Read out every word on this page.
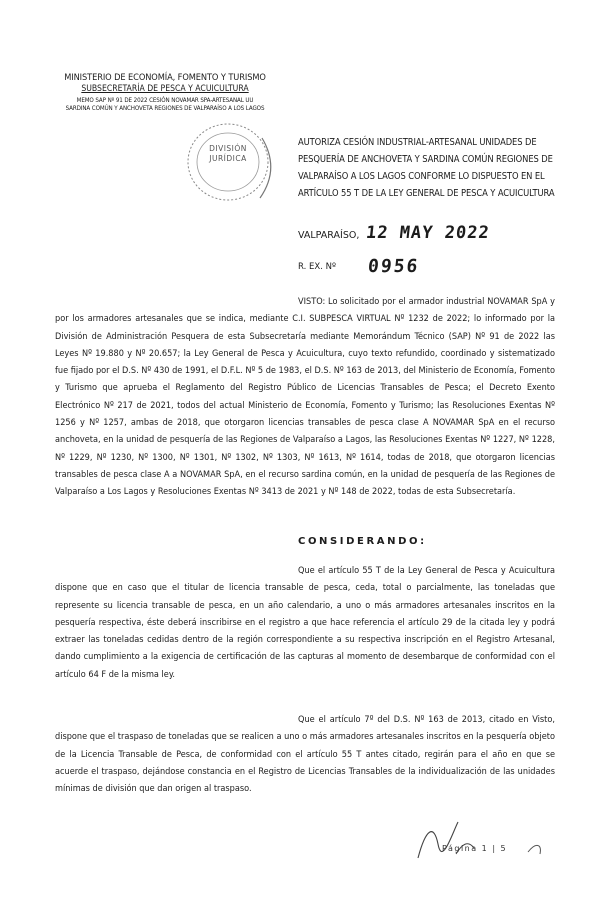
MINISTERIO DE ECONOMÍA, FOMENTO Y TURISMO
SUBSECRETARÍA DE PESCA Y ACUICULTURA
MEMO SAP Nº 91 DE 2022 CESIÓN NOVAMAR SPA-ARTESANAL UU
SARDINA COMÚN Y ANCHOVETA REGIONES DE VALPARAÍSO A LOS LAGOS
DIVISIÓN
JURÍDICA
AUTORIZA CESIÓN INDUSTRIAL-ARTESANAL UNIDADES DE PESQUERÍA DE ANCHOVETA Y SARDINA COMÚN REGIONES DE VALPARAÍSO A LOS LAGOS CONFORME LO DISPUESTO EN EL ARTÍCULO 55 T DE LA LEY GENERAL DE PESCA Y ACUICULTURA
VALPARAÍSO, 12 MAY 2022
R. EX. Nº 0956

VISTO: Lo solicitado por el armador industrial NOVAMAR SpA y por los armadores artesanales que se indica, mediante C.I. SUBPESCA VIRTUAL Nº 1232 de 2022; lo informado por la División de Administración Pesquera de esta Subsecretaría mediante Memorándum Técnico (SAP) Nº 91 de 2022 las Leyes Nº 19.880 y Nº 20.657; la Ley General de Pesca y Acuicultura, cuyo texto refundido, coordinado y sistematizado fue fijado por el D.S. Nº 430 de 1991, el D.F.L. Nº 5 de 1983, el D.S. Nº 163 de 2013, del Ministerio de Economía, Fomento y Turismo que aprueba el Reglamento del Registro Público de Licencias Transables de Pesca; el Decreto Exento Electrónico Nº 217 de 2021, todos del actual Ministerio de Economía, Fomento y Turismo; las Resoluciones Exentas Nº 1256 y Nº 1257, ambas de 2018, que otorgaron licencias transables de pesca clase A NOVAMAR SpA en el recurso anchoveta, en la unidad de pesquería de las Regiones de Valparaíso a Lagos, las Resoluciones Exentas Nº 1227, Nº 1228, Nº 1229, Nº 1230, Nº 1300, Nº 1301, Nº 1302, Nº 1303, Nº 1613, Nº 1614, todas de 2018, que otorgaron licencias transables de pesca clase A a NOVAMAR SpA, en el recurso sardina común, en la unidad de pesquería de las Regiones de Valparaíso a Los Lagos y Resoluciones Exentas Nº 3413 de 2021 y Nº 148 de 2022, todas de esta Subsecretaría.

CONSIDERANDO:

Que el artículo 55 T de la Ley General de Pesca y Acuicultura dispone que en caso que el titular de licencia transable de pesca, ceda, total o parcialmente, las toneladas que represente su licencia transable de pesca, en un año calendario, a uno o más armadores artesanales inscritos en la pesquería respectiva, éste deberá inscribirse en el registro a que hace referencia el artículo 29 de la citada ley y podrá extraer las toneladas cedidas dentro de la región correspondiente a su respectiva inscripción en el Registro Artesanal, dando cumplimiento a la exigencia de certificación de las capturas al momento de desembarque de conformidad con el artículo 64 F de la misma ley.

Que el artículo 7º del D.S. Nº 163 de 2013, citado en Visto, dispone que el traspaso de toneladas que se realicen a uno o más armadores artesanales inscritos en la pesquería objeto de la Licencia Transable de Pesca, de conformidad con el artículo 55 T antes citado, regirán para el año en que se acuerde el traspaso, dejándose constancia en el Registro de Licencias Transables de la individualización de las unidades mínimas de división que dan origen al traspaso.

Página 1 | 5
